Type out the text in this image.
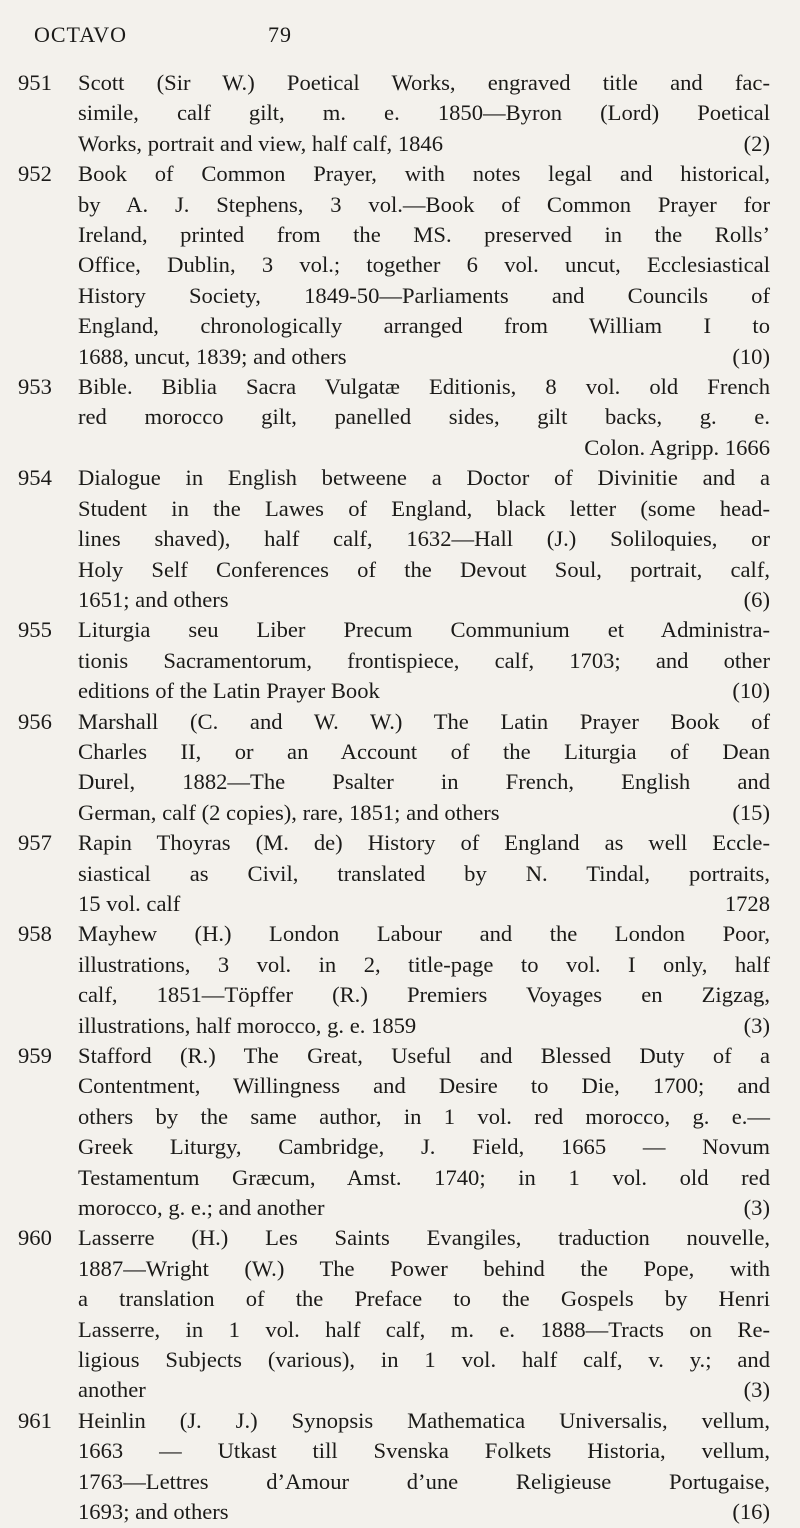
OCTAVO	79
951	Scott (Sir W.) Poetical Works, engraved title and fac-
simile, calf gilt, m. e. 1850—Byron (Lord) Poetical
Works, portrait and view, half calf, 1846	(2)
952	Book of Common Prayer, with notes legal and historical,
by A. J. Stephens, 3 vol.—Book of Common Prayer for
Ireland, printed from the MS. preserved in the Rolls’
Office, Dublin, 3 vol.; together 6 vol. uncut, Ecclesiastical
History Society, 1849-50—Parliaments and Councils of
England, chronologically arranged from William I to
1688, uncut, 1839; and others	(10)
953	Bible. Biblia Sacra Vulgatæ Editionis, 8 vol. old French
red morocco gilt, panelled sides, gilt backs, g. e.
Colon. Agripp. 1666
954	Dialogue in English betweene a Doctor of Divinitie and a
Student in the Lawes of England, black letter (some head-
lines shaved), half calf, 1632—Hall (J.) Soliloquies, or
Holy Self Conferences of the Devout Soul, portrait, calf,
1651; and others	(6)
955	Liturgia seu Liber Precum Communium et Administra-
tionis Sacramentorum, frontispiece, calf, 1703; and other
editions of the Latin Prayer Book	(10)
956	Marshall (C. and W. W.) The Latin Prayer Book of
Charles II, or an Account of the Liturgia of Dean
Durel, 1882—The Psalter in French, English and
German, calf (2 copies), rare, 1851; and others	(15)
957	Rapin Thoyras (M. de) History of England as well Eccle-
siastical as Civil, translated by N. Tindal, portraits,
15 vol. calf	1728
958	Mayhew (H.) London Labour and the London Poor,
illustrations, 3 vol. in 2, title-page to vol. I only, half
calf, 1851—Töpffer (R.) Premiers Voyages en Zigzag,
illustrations, half morocco, g. e. 1859	(3)
959	Stafford (R.) The Great, Useful and Blessed Duty of a
Contentment, Willingness and Desire to Die, 1700; and
others by the same author, in 1 vol. red morocco, g. e.—
Greek Liturgy, Cambridge, J. Field, 1665 — Novum
Testamentum Græcum, Amst. 1740; in 1 vol. old red
morocco, g. e.; and another	(3)
960	Lasserre (H.) Les Saints Evangiles, traduction nouvelle,
1887—Wright (W.) The Power behind the Pope, with
a translation of the Preface to the Gospels by Henri
Lasserre, in 1 vol. half calf, m. e. 1888—Tracts on Re-
ligious Subjects (various), in 1 vol. half calf, v. y.; and
another	(3)
961	Heinlin (J. J.) Synopsis Mathematica Universalis, vellum,
1663 — Utkast till Svenska Folkets Historia, vellum,
1763—Lettres d’Amour d’une Religieuse Portugaise,
1693; and others	(16)
